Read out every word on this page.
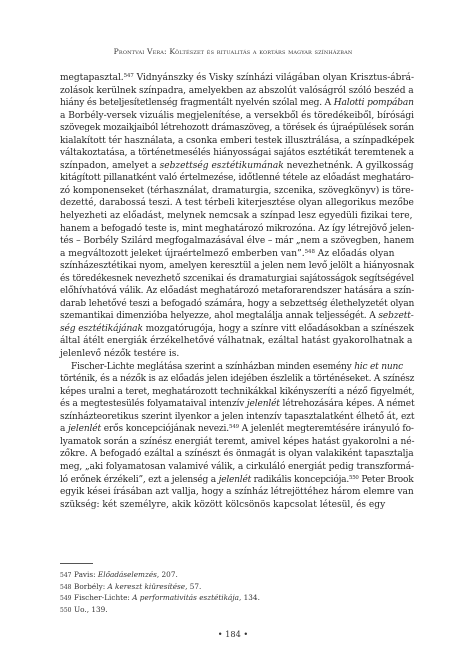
Prontvai Vera: Költészet és ritualitás a kortárs magyar színházban
megtapasztal.$^{547}$ Vidnyánszky és Visky színházi világában olyan Krisztus-ábrá-
zolások kerülnek színpadra, amelyekben az abszolút valóságról szóló beszéd a
hiány és beteljesítetlenség fragmentált nyelvén szólal meg. A Halotti pompában
a Borbély-versek vizuális megjelenítése, a versekből és töredékeiből, bírósági
szövegek mozaikjaiból létrehozott drámaszöveg, a törések és újraépülések során
kialakított tér használata, a csonka emberi testek illusztrálása, a színpadképek
váltakoztatása, a történetmesélés hiányosságai sajátos esztétikát teremtenek a
színpadon, amelyet a sebzettség esztétikumának nevezhetnénk. A gyilkosság
kitágított pillanatként való értelmezése, időtlenné tétele az előadást meghatáro-
zó komponenseket (térhasználat, dramaturgia, szcenika, szövegkönyv) is töre-
dezetté, darabossá teszi. A test térbeli kiterjesztése olyan allegorikus mezőbe
helyezheti az előadást, melynek nemcsak a színpad lesz egyedüli fizikai tere,
hanem a befogadó teste is, mint meghatározó mikrozóna. Az így létrejövő jelen-
tés – Borbély Szilárd megfogalmazásával élve – már „nem a szövegben, hanem
a megváltozott jeleket újraértelmező emberben van”.$^{548}$ Az előadás olyan
színházesztétikai nyom, amelyen keresztül a jelen nem levő jelölt a hiányosnak
és töredékesnek nevezhető szcenikai és dramaturgiai sajátosságok segítségével
előhívhatóvá válik. Az előadást meghatározó metaforarendszer hatására a szín-
darab lehetővé teszi a befogadó számára, hogy a sebzettség élethelyzetét olyan
szemantikai dimenzióba helyezze, ahol megtalálja annak teljességét. A sebzett-
ség esztétikájának mozgatórugója, hogy a színre vitt előadásokban a színészek
által átélt energiák érzékelhetővé válhatnak, ezáltal hatást gyakorolhatnak a
jelenlevő nézők testére is.
Fischer-Lichte meglátása szerint a színházban minden esemény hic et nunc
történik, és a nézők is az előadás jelen idejében észlelik a történéseket. A színész
képes uralni a teret, meghatározott technikákkal kikényszeríti a néző figyelmét,
és a megtestesülés folyamataival intenzív jelenlét létrehozására képes. A német
színházteoretikus szerint ilyenkor a jelen intenzív tapasztalatként élhető át, ezt
a jelenlét erős koncepciójának nevezi.$^{549}$ A jelenlét megteremtésére irányuló fo-
lyamatok során a színész energiát teremt, amivel képes hatást gyakorolni a né-
zőkre. A befogadó ezáltal a színészt és önmagát is olyan valakiként tapasztalja
meg, „aki folyamatosan valamivé válik, a cirkuláló energiát pedig transzformá-
ló erőnek érzékeli”, ezt a jelenség a jelenlét radikális koncepciója.$^{550}$ Peter Brook
egyik kései írásában azt vallja, hogy a színház létrejöttéhez három elemre van
szükség: két személyre, akik között kölcsönös kapcsolat létesül, és egy
547 Pavis: Előadáselemzés, 207.
548 Borbély: A kereszt kiüresítése, 57.
549 Fischer-Lichte: A performativitás esztétikája, 134.
550 Uo., 139.
• 184 •
